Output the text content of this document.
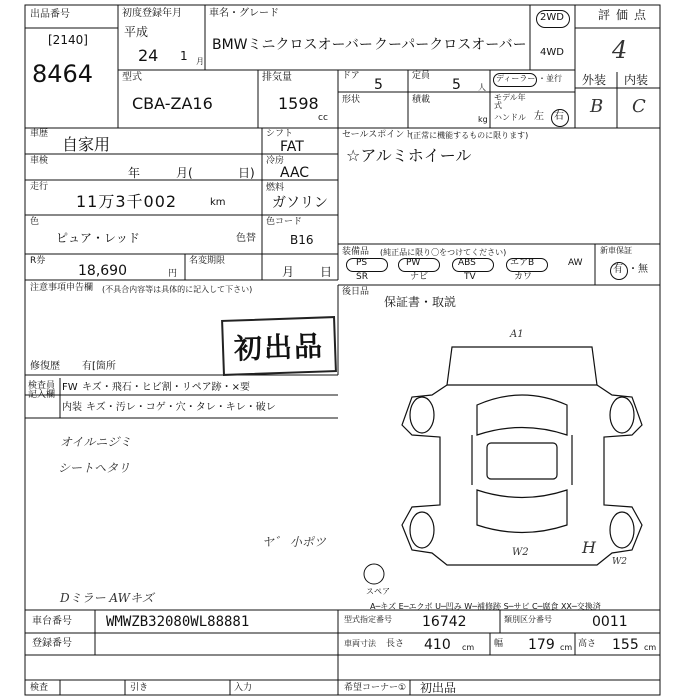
出品番号
[2140]
8464
初度登録年月
平成
24 1 月
車名・グレード
BMWミニクロスオーバー クーパークロスオーバー
2WD
4WD
評価点
4
外装 内装
B C
型式
CBA-ZA16
排気量
1598
cc
ドア
5
定員
5 人
形状	積載
kg
ディーラー ・並行
モデル年式
ハンドル 左 右
車歴
自家用
車検
年	月(	日)
走行
11万3千002	km
色
ピュア・レッド	色替
シフト
FAT
冷房
AAC
燃料
ガソリン
色コード
B16
R券
18,690	円
名変期限
月 日
セールスポイント
(正常に機能するものに限ります)
☆アルミホイール
装備品 (純正品に限り〇をつけてください)
PS	PW	ABS	エアB	AW
SR	ナビ	TV	カワ
新車保証
有 ・無
後日品
保証書・取説
注意事項申告欄 (不具合内容等は具体的に記入して下さい)
初出品
修復歴 有[箇所
検査員記入欄
FW キズ・飛石・ヒビ割・リペア跡・×要
内装 キズ・汚レ・コゲ・穴・タレ・キレ・破レ
オイルニジミ
シートヘタリ
ヤ゛ 小ポツ
Dミラー AWキズ
A1
W2	H
W2
スペア
A─キズ E─エクボ U─凹み W─補修跡 S─サビ C─腐食 XX─交換済
車台番号 WMWZB32080WL88881
登録番号
型式指定番号 16742	類別区分番号	0011
車両寸法 長さ 410 cm 幅 179 cm 高さ 155 cm
検査	引き	入力	希望コーナー① 初出品
